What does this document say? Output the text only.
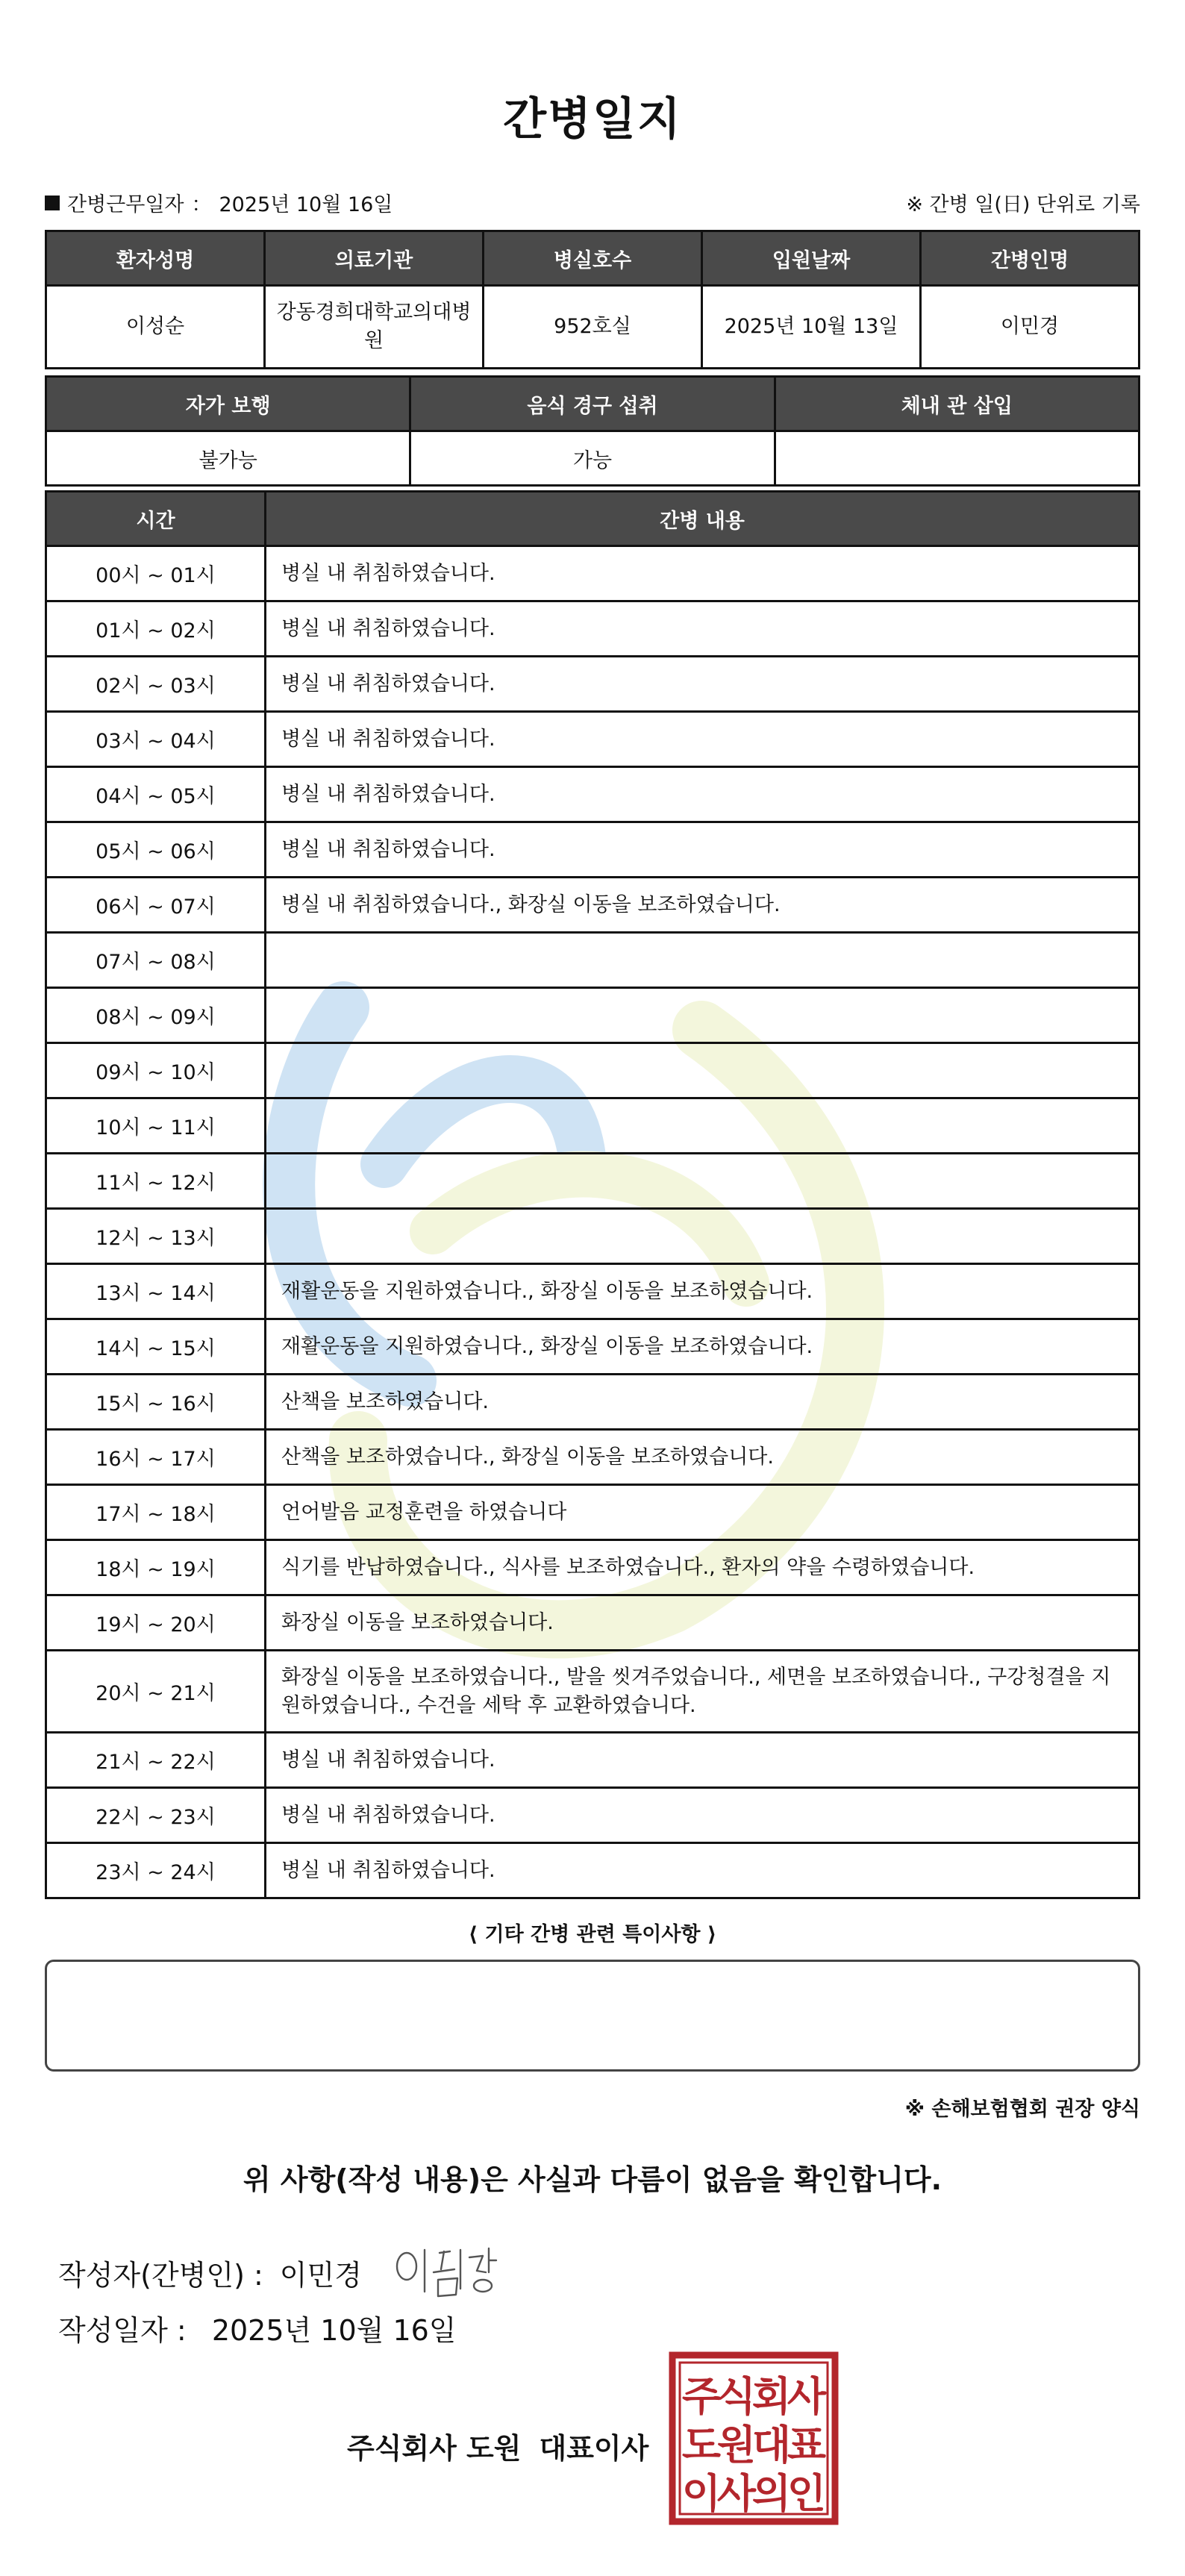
간병일지
간병근무일자 ： 2025년 10월 16일	※ 간병 일(日) 단위로 기록
환자성명	의료기관	병실호수	입원날짜	간병인명
이성순	강동경희대학교의대병원	952호실	2025년 10월 13일	이민경
자가 보행	음식 경구 섭취	체내 관 삽입
불가능	가능	
시간	간병 내용
00시 ~ 01시	병실 내 취침하였습니다.
01시 ~ 02시	병실 내 취침하였습니다.
02시 ~ 03시	병실 내 취침하였습니다.
03시 ~ 04시	병실 내 취침하였습니다.
04시 ~ 05시	병실 내 취침하였습니다.
05시 ~ 06시	병실 내 취침하였습니다.
06시 ~ 07시	병실 내 취침하였습니다., 화장실 이동을 보조하였습니다.
07시 ~ 08시	
08시 ~ 09시	
09시 ~ 10시	
10시 ~ 11시	
11시 ~ 12시	
12시 ~ 13시	
13시 ~ 14시	재활운동을 지원하였습니다., 화장실 이동을 보조하였습니다.
14시 ~ 15시	재활운동을 지원하였습니다., 화장실 이동을 보조하였습니다.
15시 ~ 16시	산책을 보조하였습니다.
16시 ~ 17시	산책을 보조하였습니다., 화장실 이동을 보조하였습니다.
17시 ~ 18시	언어발음 교정훈련을 하였습니다
18시 ~ 19시	식기를 반납하였습니다., 식사를 보조하였습니다., 환자의 약을 수령하였습니다.
19시 ~ 20시	화장실 이동을 보조하였습니다.
20시 ~ 21시	화장실 이동을 보조하였습니다., 발을 씻겨주었습니다., 세면을 보조하였습니다., 구강청결을 지원하였습니다., 수건을 세탁 후 교환하였습니다.
21시 ~ 22시	병실 내 취침하였습니다.
22시 ~ 23시	병실 내 취침하였습니다.
23시 ~ 24시	병실 내 취침하였습니다.
⟨ 기타 간병 관련 특이사항 ⟩
※ 손해보험협회 권장 양식
위 사항(작성 내용)은 사실과 다름이 없음을 확인합니다.
작성자(간병인) : 이민경
작성일자 : 2025년 10월 16일
주식회사 도원 대표이사
주
식
회
사
도
원
대
표
이
사
의
인
